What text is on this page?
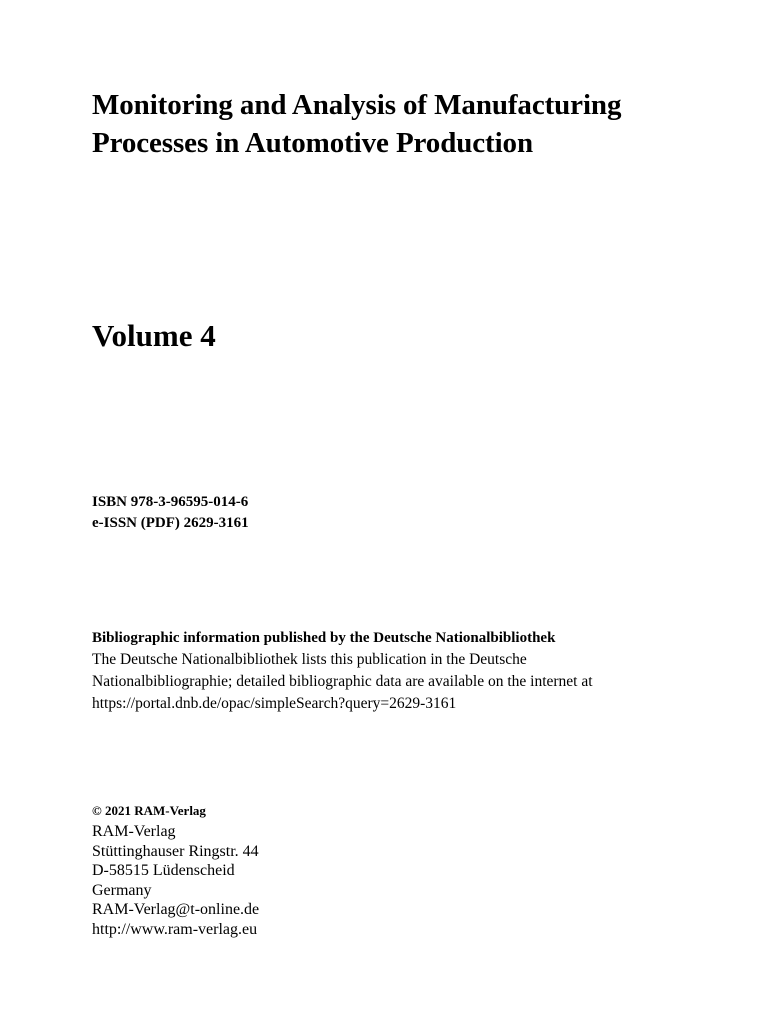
Monitoring and Analysis of Manufacturing
Processes in Automotive Production
Volume 4
ISBN 978-3-96595-014-6
e-ISSN (PDF) 2629-3161
Bibliographic information published by the Deutsche Nationalbibliothek
The Deutsche Nationalbibliothek lists this publication in the Deutsche
Nationalbibliographie; detailed bibliographic data are available on the internet at
https://portal.dnb.de/opac/simpleSearch?query=2629-3161
© 2021 RAM-Verlag
RAM-Verlag
Stüttinghauser Ringstr. 44
D-58515 Lüdenscheid
Germany
RAM-Verlag@t-online.de
http://www.ram-verlag.eu
